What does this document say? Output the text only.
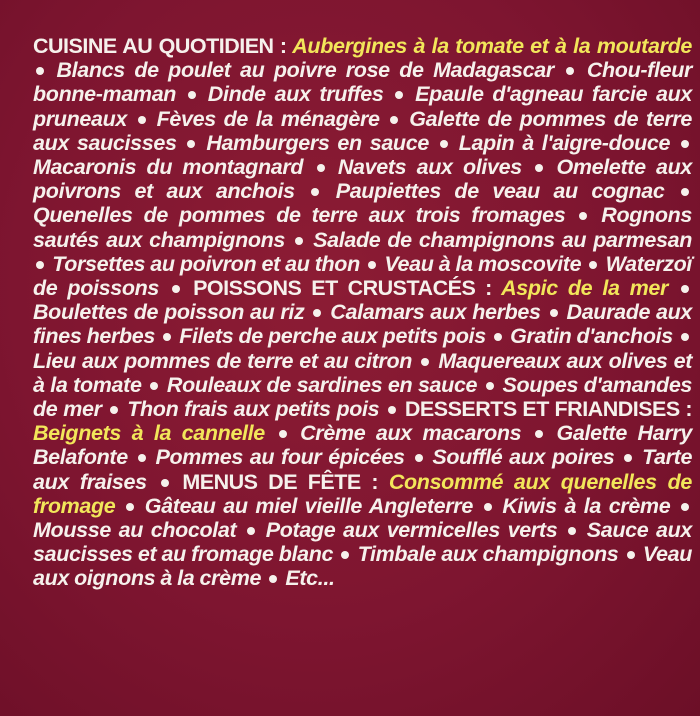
CUISINE AU QUOTIDIEN : Aubergines à la tomate et à la moutarde  Blancs de poulet au poivre rose de Madagascar Chou-fleur bonne-maman Dinde aux truffes Epaule d'agneau farcie aux pruneaux Fèves de la ménagère Galette de pommes de terre aux saucisses Hamburgers en sauce Lapin à l'aigre-douce  Macaronis du montagnard Navets aux olives Omelette aux poivrons et aux anchois Paupiettes de veau au cognac  Quenelles de pommes de terre aux trois fromages Rognons sautés aux champignons Salade de champignons au parmesan  Torsettes au poivron et au thon Veau à la moscovite Waterzoï de poissons POISSONS ET CRUSTACÉS : Aspic de la mer  Boulettes de poisson au riz Calamars aux herbes Daurade aux fines herbes Filets de perche aux petits pois Gratin d'anchois  Lieu aux pommes de terre et au citron Maquereaux aux olives et à la tomate Rouleaux de sardines en sauce Soupes d'amandes de mer Thon frais aux petits pois DESSERTS ET FRIANDISES : Beignets à la cannelle Crème aux macarons Galette Harry Belafonte Pommes au four épicées Soufflé aux poires Tarte aux fraises MENUS DE FÊTE : Consommé aux quenelles de fromage Gâteau au miel vieille Angleterre Kiwis à la crème  Mousse au chocolat Potage aux vermicelles verts Sauce aux saucisses et au fromage blanc Timbale aux champignons Veau aux oignons à la crème Etc...
